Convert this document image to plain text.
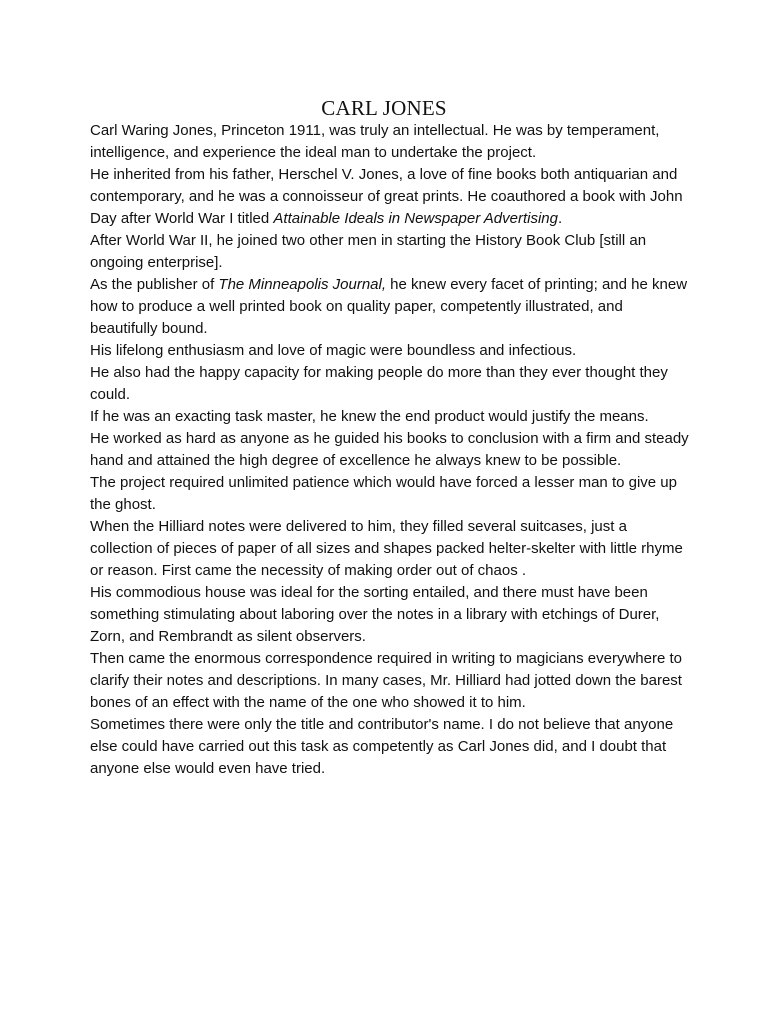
CARL JONES

Carl Waring Jones, Princeton 1911, was truly an intellectual. He was by temperament, intelligence, and experience the ideal man to undertake the project.

He inherited from his father, Herschel V. Jones, a love of fine books both antiquarian and contemporary, and he was a connoisseur of great prints. He coauthored a book with John Day after World War I titled Attainable Ideals in Newspaper Advertising.

After World War II, he joined two other men in starting the History Book Club [still an ongoing enterprise].

As the publisher of The Minneapolis Journal, he knew every facet of printing; and he knew how to produce a well printed book on quality paper, competently illustrated, and beautifully bound.

His lifelong enthusiasm and love of magic were boundless and infectious.

He also had the happy capacity for making people do more than they ever thought they could.

If he was an exacting task master, he knew the end product would justify the means.

He worked as hard as anyone as he guided his books to conclusion with a firm and steady hand and attained the high degree of excellence he always knew to be possible.

The project required unlimited patience which would have forced a lesser man to give up the ghost.

When the Hilliard notes were delivered to him, they filled several suitcases, just a collection of pieces of paper of all sizes and shapes packed helter-skelter with little rhyme or reason. First came the necessity of making order out of chaos .

His commodious house was ideal for the sorting entailed, and there must have been something stimulating about laboring over the notes in a library with etchings of Durer, Zorn, and Rembrandt as silent observers.

Then came the enormous correspondence required in writing to magicians everywhere to clarify their notes and descriptions. In many cases, Mr. Hilliard had jotted down the barest bones of an effect with the name of the one who showed it to him.

Sometimes there were only the title and contributor's name. I do not believe that anyone else could have carried out this task as competently as Carl Jones did, and I doubt that anyone else would even have tried.
